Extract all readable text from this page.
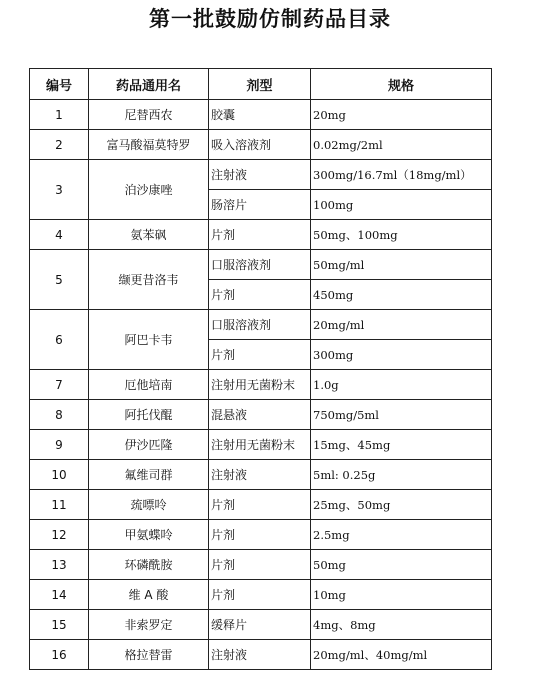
第一批鼓励仿制药品目录
编号	药品通用名	剂型	规格
1	尼替西农	胶囊	20mg
2	富马酸福莫特罗	吸入溶液剂	0.02mg/2ml
3	泊沙康唑	注射液	300mg/16.7ml（18mg/ml）
		肠溶片	100mg
4	氨苯砜	片剂	50mg、100mg
5	缬更昔洛韦	口服溶液剂	50mg/ml
		片剂	450mg
6	阿巴卡韦	口服溶液剂	20mg/ml
		片剂	300mg
7	厄他培南	注射用无菌粉末	1.0g
8	阿托伐醌	混悬液	750mg/5ml
9	伊沙匹隆	注射用无菌粉末	15mg、45mg
10	氟维司群	注射液	5ml: 0.25g
11	巯嘌呤	片剂	25mg、50mg
12	甲氨蝶呤	片剂	2.5mg
13	环磷酰胺	片剂	50mg
14	维 A 酸	片剂	10mg
15	非索罗定	缓释片	4mg、8mg
16	格拉替雷	注射液	20mg/ml、40mg/ml
